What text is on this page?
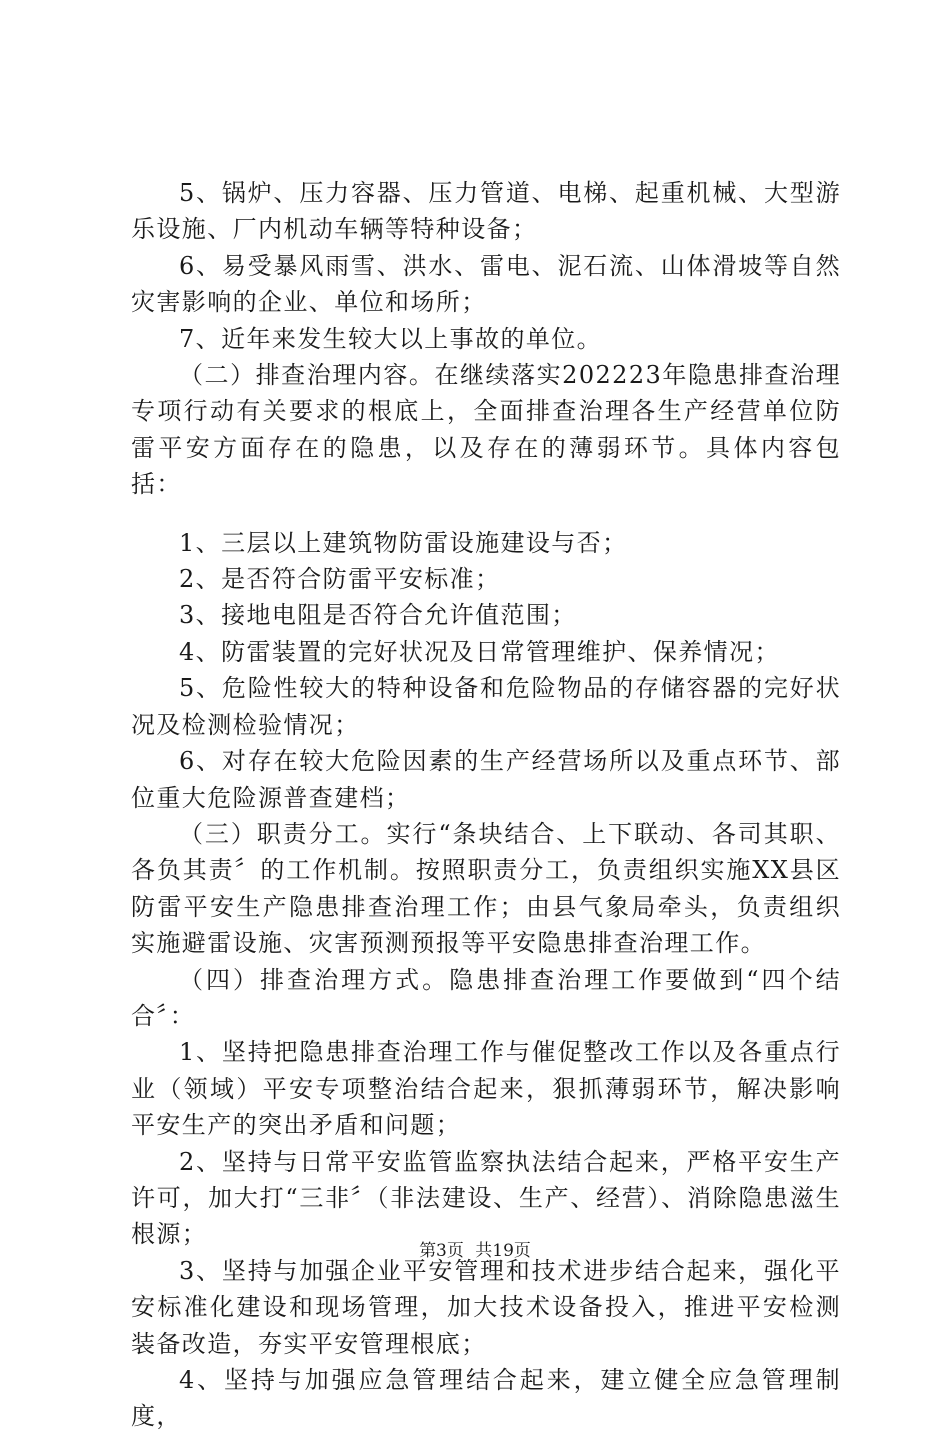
5、锅炉、压力容器、压力管道、电梯、起重机械、大型游乐设施、厂内机动车辆等特种设备；

6、易受暴风雨雪、洪水、雷电、泥石流、山体滑坡等自然灾害影响的企业、单位和场所；

7、近年来发生较大以上事故的单位。

（二）排查治理内容。在继续落实202223年隐患排查治理专项行动有关要求的根底上，全面排查治理各生产经营单位防雷平安方面存在的隐患，以及存在的薄弱环节。具体内容包括：

1、三层以上建筑物防雷设施建设与否；

2、是否符合防雷平安标准；

3、接地电阻是否符合允许值范围；

4、防雷装置的完好状况及日常管理维护、保养情况；

5、危险性较大的特种设备和危险物品的存储容器的完好状况及检测检验情况；

6、对存在较大危险因素的生产经营场所以及重点环节、部位重大危险源普查建档；

（三）职责分工。实行“条块结合、上下联动、各司其职、各负其责〞的工作机制。按照职责分工，负责组织实施XX县区防雷平安生产隐患排查治理工作；由县气象局牵头，负责组织实施避雷设施、灾害预测预报等平安隐患排查治理工作。

（四）排查治理方式。隐患排查治理工作要做到“四个结合〞：

1、坚持把隐患排查治理工作与催促整改工作以及各重点行业（领域）平安专项整治结合起来，狠抓薄弱环节，解决影响平安生产的突出矛盾和问题；

2、坚持与日常平安监管监察执法结合起来，严格平安生产许可，加大打“三非〞（非法建设、生产、经营）、消除隐患滋生根源；

3、坚持与加强企业平安管理和技术进步结合起来，强化平安标准化建设和现场管理，加大技术设备投入，推进平安检测装备改造，夯实平安管理根底；

4、坚持与加强应急管理结合起来，建立健全应急管理制度，

第3页 共19页
